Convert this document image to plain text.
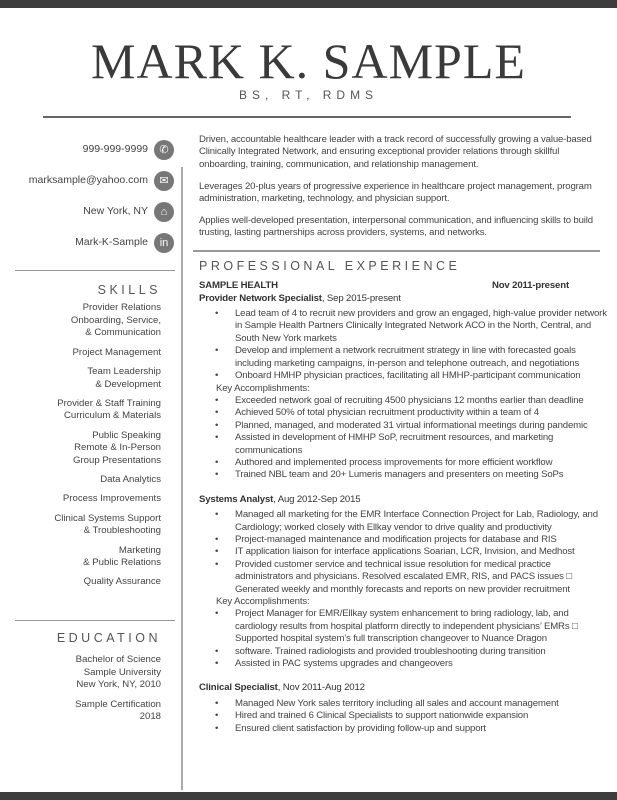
MARK K. SAMPLE
BS, RT, RDMS
999-999-9999	✆
marksample@yahoo.com	✉
New York, NY	⌂
Mark-K-Sample	in
SKILLS
Provider Relations
Onboarding, Service,
& Communication
Project Management
Team Leadership
& Development
Provider & Staff Training
Curriculum & Materials
Public Speaking
Remote & In-Person
Group Presentations
Data Analytics
Process Improvements
Clinical Systems Support
& Troubleshooting
Marketing
& Public Relations
Quality Assurance
EDUCATION
Bachelor of Science
Sample University
New York, NY, 2010
Sample Certification
2018

Driven, accountable healthcare leader with a track record of successfully growing a value-based Clinically Integrated Network, and ensuring exceptional provider relations through skillful onboarding, training, communication, and relationship management.

Leverages 20-plus years of progressive experience in healthcare project management, program administration, marketing, technology, and physician support.

Applies well-developed presentation, interpersonal communication, and influencing skills to build trusting, lasting partnerships across providers, systems, and networks.

PROFESSIONAL EXPERIENCE
SAMPLE HEALTH	Nov 2011-present
Provider Network Specialist, Sep 2015-present
• Lead team of 4 to recruit new providers and grow an engaged, high-value provider network in Sample Health Partners Clinically Integrated Network ACO in the North, Central, and South New York markets
• Develop and implement a network recruitment strategy in line with forecasted goals including marketing campaigns, in-person and telephone outreach, and negotiations
• Onboard HMHP physician practices, facilitating all HMHP-participant communication
Key Accomplishments:
• Exceeded network goal of recruiting 4500 physicians 12 months earlier than deadline
• Achieved 50% of total physician recruitment productivity within a team of 4
• Planned, managed, and moderated 31 virtual informational meetings during pandemic
• Assisted in development of HMHP SoP, recruitment resources, and marketing communications
• Authored and implemented process improvements for more efficient workflow
• Trained NBL team and 20+ Lumeris managers and presenters on meeting SoPs
Systems Analyst, Aug 2012-Sep 2015
• Managed all marketing for the EMR Interface Connection Project for Lab, Radiology, and Cardiology; worked closely with Ellkay vendor to drive quality and productivity
• Project-managed maintenance and modification projects for database and RIS
• IT application liaison for interface applications Soarian, LCR, Invision, and Medhost
• Provided customer service and technical issue resolution for medical practice administrators and physicians. Resolved escalated EMR, RIS, and PACS issues □ Generated weekly and monthly forecasts and reports on new provider recruitment
Key Accomplishments:
• Project Manager for EMR/Ellkay system enhancement to bring radiology, lab, and cardiology results from hospital platform directly to independent physicians’ EMRs □ Supported hospital system’s full transcription changeover to Nuance Dragon
• software. Trained radiologists and provided troubleshooting during transition
• Assisted in PAC systems upgrades and changeovers
Clinical Specialist, Nov 2011-Aug 2012
• Managed New York sales territory including all sales and account management
• Hired and trained 6 Clinical Specialists to support nationwide expansion
• Ensured client satisfaction by providing follow-up and support
